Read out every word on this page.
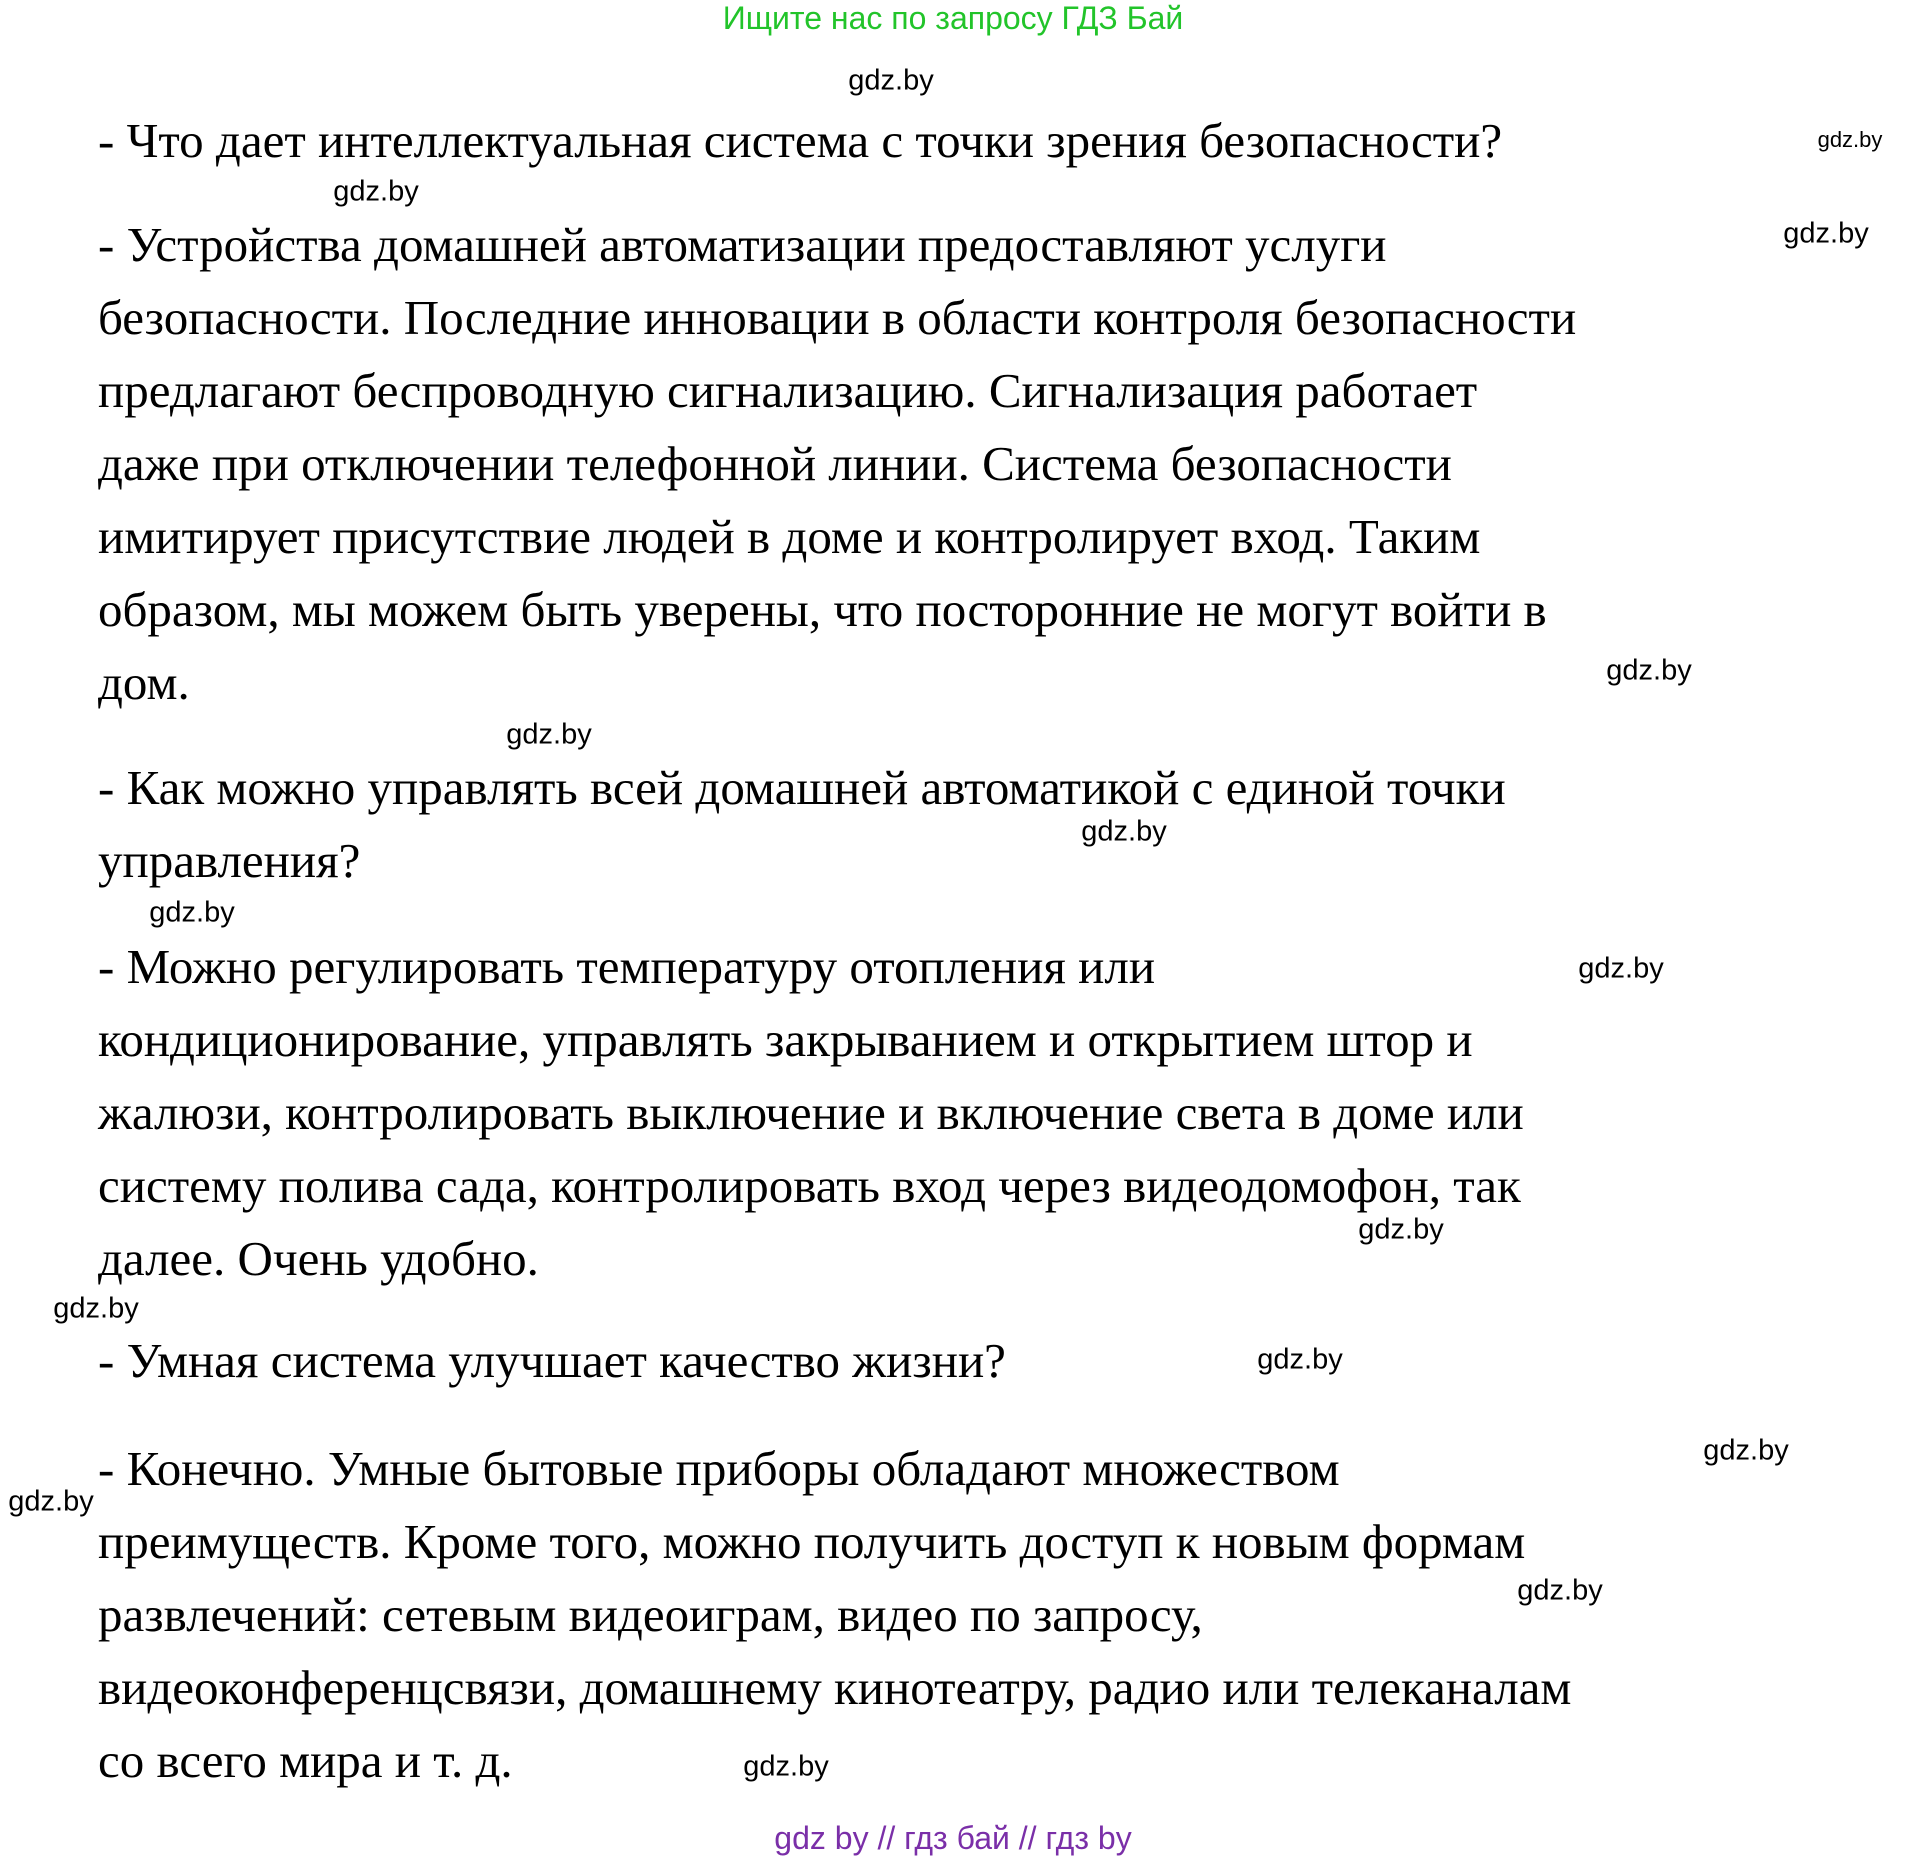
Ищите нас по запросу ГДЗ Бай
- Что дает интеллектуальная система с точки зрения безопасности?
- Устройства домашней автоматизации предоставляют услуги
безопасности. Последние инновации в области контроля безопасности
предлагают беспроводную сигнализацию. Сигнализация работает
даже при отключении телефонной линии. Система безопасности
имитирует присутствие людей в доме и контролирует вход. Таким
образом, мы можем быть уверены, что посторонние не могут войти в
дом.
- Как можно управлять всей домашней автоматикой с единой точки
управления?
- Можно регулировать температуру отопления или
кондиционирование, управлять закрыванием и открытием штор и
жалюзи, контролировать выключение и включение света в доме или
систему полива сада, контролировать вход через видеодомофон, так
далее. Очень удобно.
- Умная система улучшает качество жизни?
- Конечно. Умные бытовые приборы обладают множеством
преимуществ. Кроме того, можно получить доступ к новым формам
развлечений: сетевым видеоиграм, видео по запросу,
видеоконференцсвязи, домашнему кинотеатру, радио или телеканалам
со всего мира и т. д.
gdz.by
gdz.by
gdz.by
gdz.by
gdz.by
gdz.by
gdz.by
gdz.by
gdz.by
gdz.by
gdz.by
gdz.by
gdz.by
gdz.by
gdz.by
gdz.by
gdz by // гдз бай // гдз by
